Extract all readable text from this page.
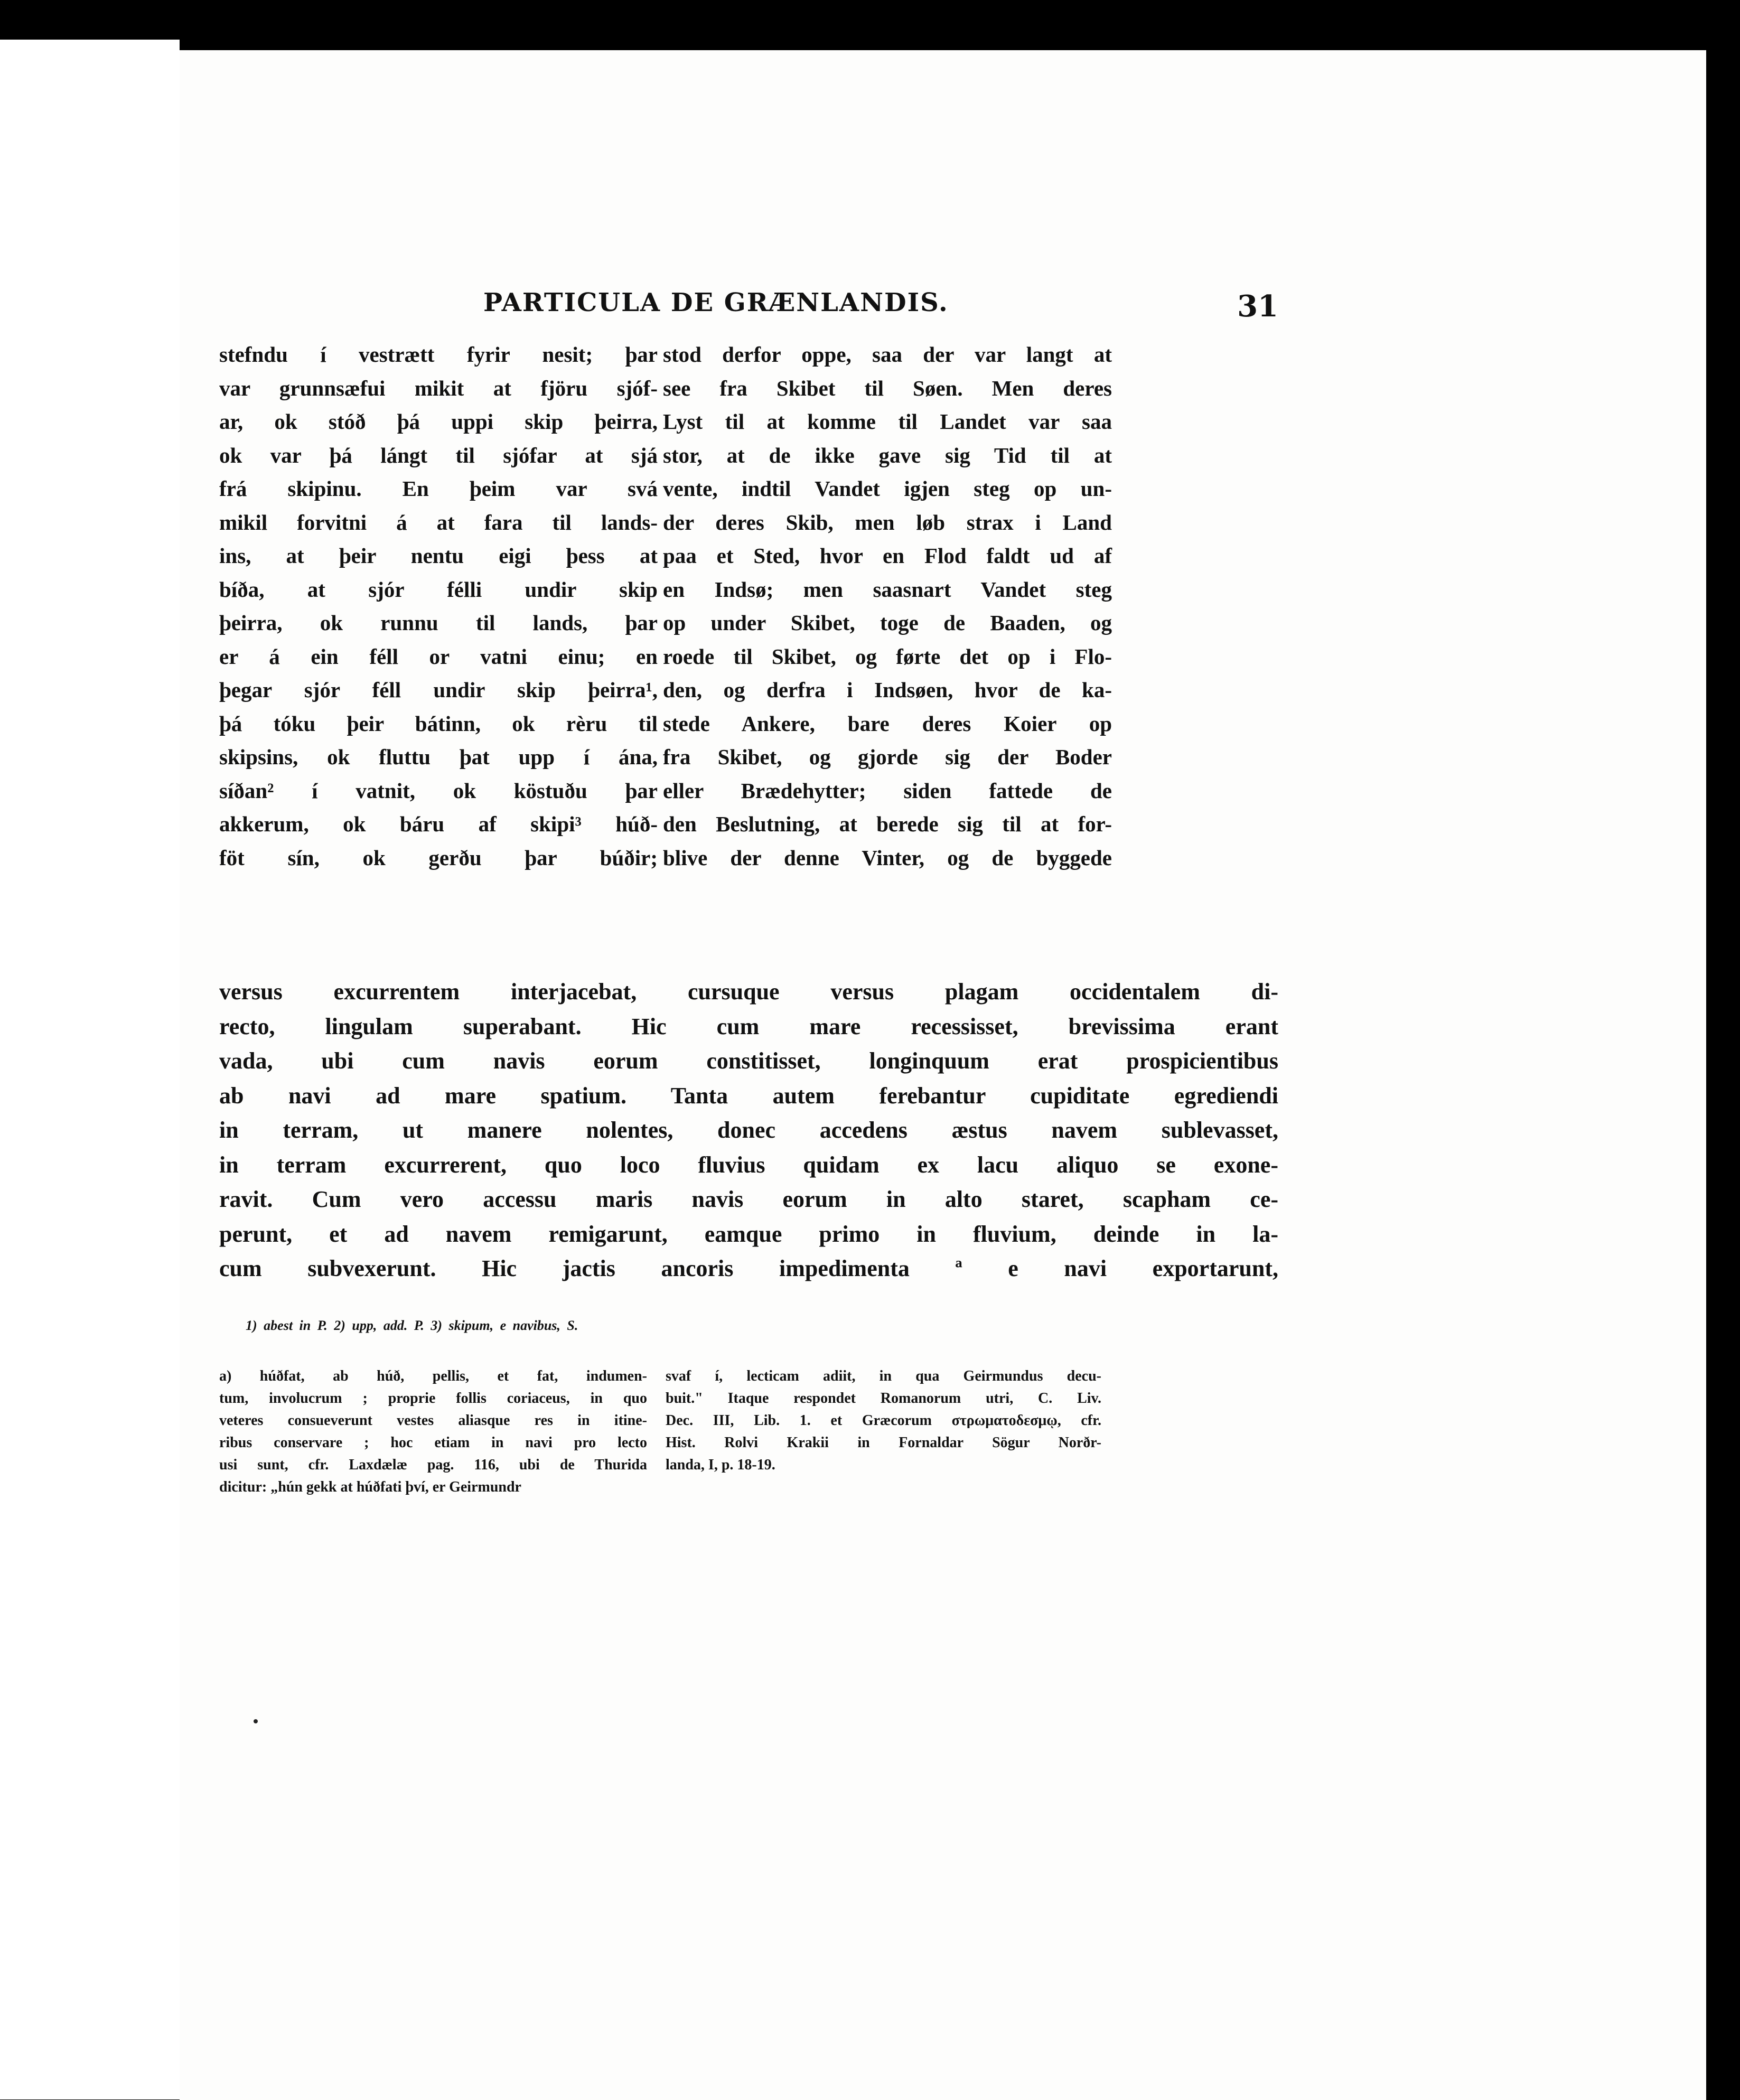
PARTICULA DE GRÆNLANDIS.	31
stefndu í vestrætt fyrir nesit; þar
var grunnsæfui mikit at fjöru sjóf-
ar, ok stóð þá uppi skip þeirra,
ok var þá lángt til sjófar at sjá
frá skipinu. En þeim var svá
mikil forvitni á at fara til lands-
ins, at þeir nentu eigi þess at
bíða, at sjór félli undir skip
þeirra, ok runnu til lands, þar
er á ein féll or vatni einu; en
þegar sjór féll undir skip þeirra¹,
þá tóku þeir bátinn, ok rèru til
skipsins, ok fluttu þat upp í ána,
síðan² í vatnit, ok köstuðu þar
akkerum, ok báru af skipi³ húð-
föt sín, ok gerðu þar búðir;
stod derfor oppe, saa der var langt at
see fra Skibet til Søen. Men deres
Lyst til at komme til Landet var saa
stor, at de ikke gave sig Tid til at
vente, indtil Vandet igjen steg op un-
der deres Skib, men løb strax i Land
paa et Sted, hvor en Flod faldt ud af
en Indsø; men saasnart Vandet steg
op under Skibet, toge de Baaden, og
roede til Skibet, og førte det op i Flo-
den, og derfra i Indsøen, hvor de ka-
stede Ankere, bare deres Koier op
fra Skibet, og gjorde sig der Boder
eller Brædehytter; siden fattede de
den Beslutning, at berede sig til at for-
blive der denne Vinter, og de byggede
versus excurrentem interjacebat, cursuque versus plagam occidentalem di-
recto, lingulam superabant. Hic cum mare recessisset, brevissima erant
vada, ubi cum navis eorum constitisset, longinquum erat prospicientibus
ab navi ad mare spatium. Tanta autem ferebantur cupiditate egrediendi
in terram, ut manere nolentes, donec accedens æstus navem sublevasset,
in terram excurrerent, quo loco fluvius quidam ex lacu aliquo se exone-
ravit. Cum vero accessu maris navis eorum in alto staret, scapham ce-
perunt, et ad navem remigarunt, eamque primo in fluvium, deinde in la-
cum subvexerunt. Hic jactis ancoris impedimenta ª e navi exportarunt,
1) abest in P. 2) upp, add. P. 3) skipum, e navibus, S.
a) húðfat, ab húð, pellis, et fat, indumen-
tum, involucrum ; proprie follis coriaceus, in quo
veteres consueverunt vestes aliasque res in itine-
ribus conservare ; hoc etiam in navi pro lecto
usi sunt, cfr. Laxdælæ pag. 116, ubi de Thurida
dicitur: „hún gekk at húðfati því, er Geirmundr
svaf í, lecticam adiit, in qua Geirmundus decu-
buit." Itaque respondet Romanorum utri, C. Liv.
Dec. III, Lib. 1. et Græcorum στρωματοδεσμῳ, cfr.
Hist. Rolvi Krakii in Fornaldar Sögur Norðr-
landa, I, p. 18-19.
